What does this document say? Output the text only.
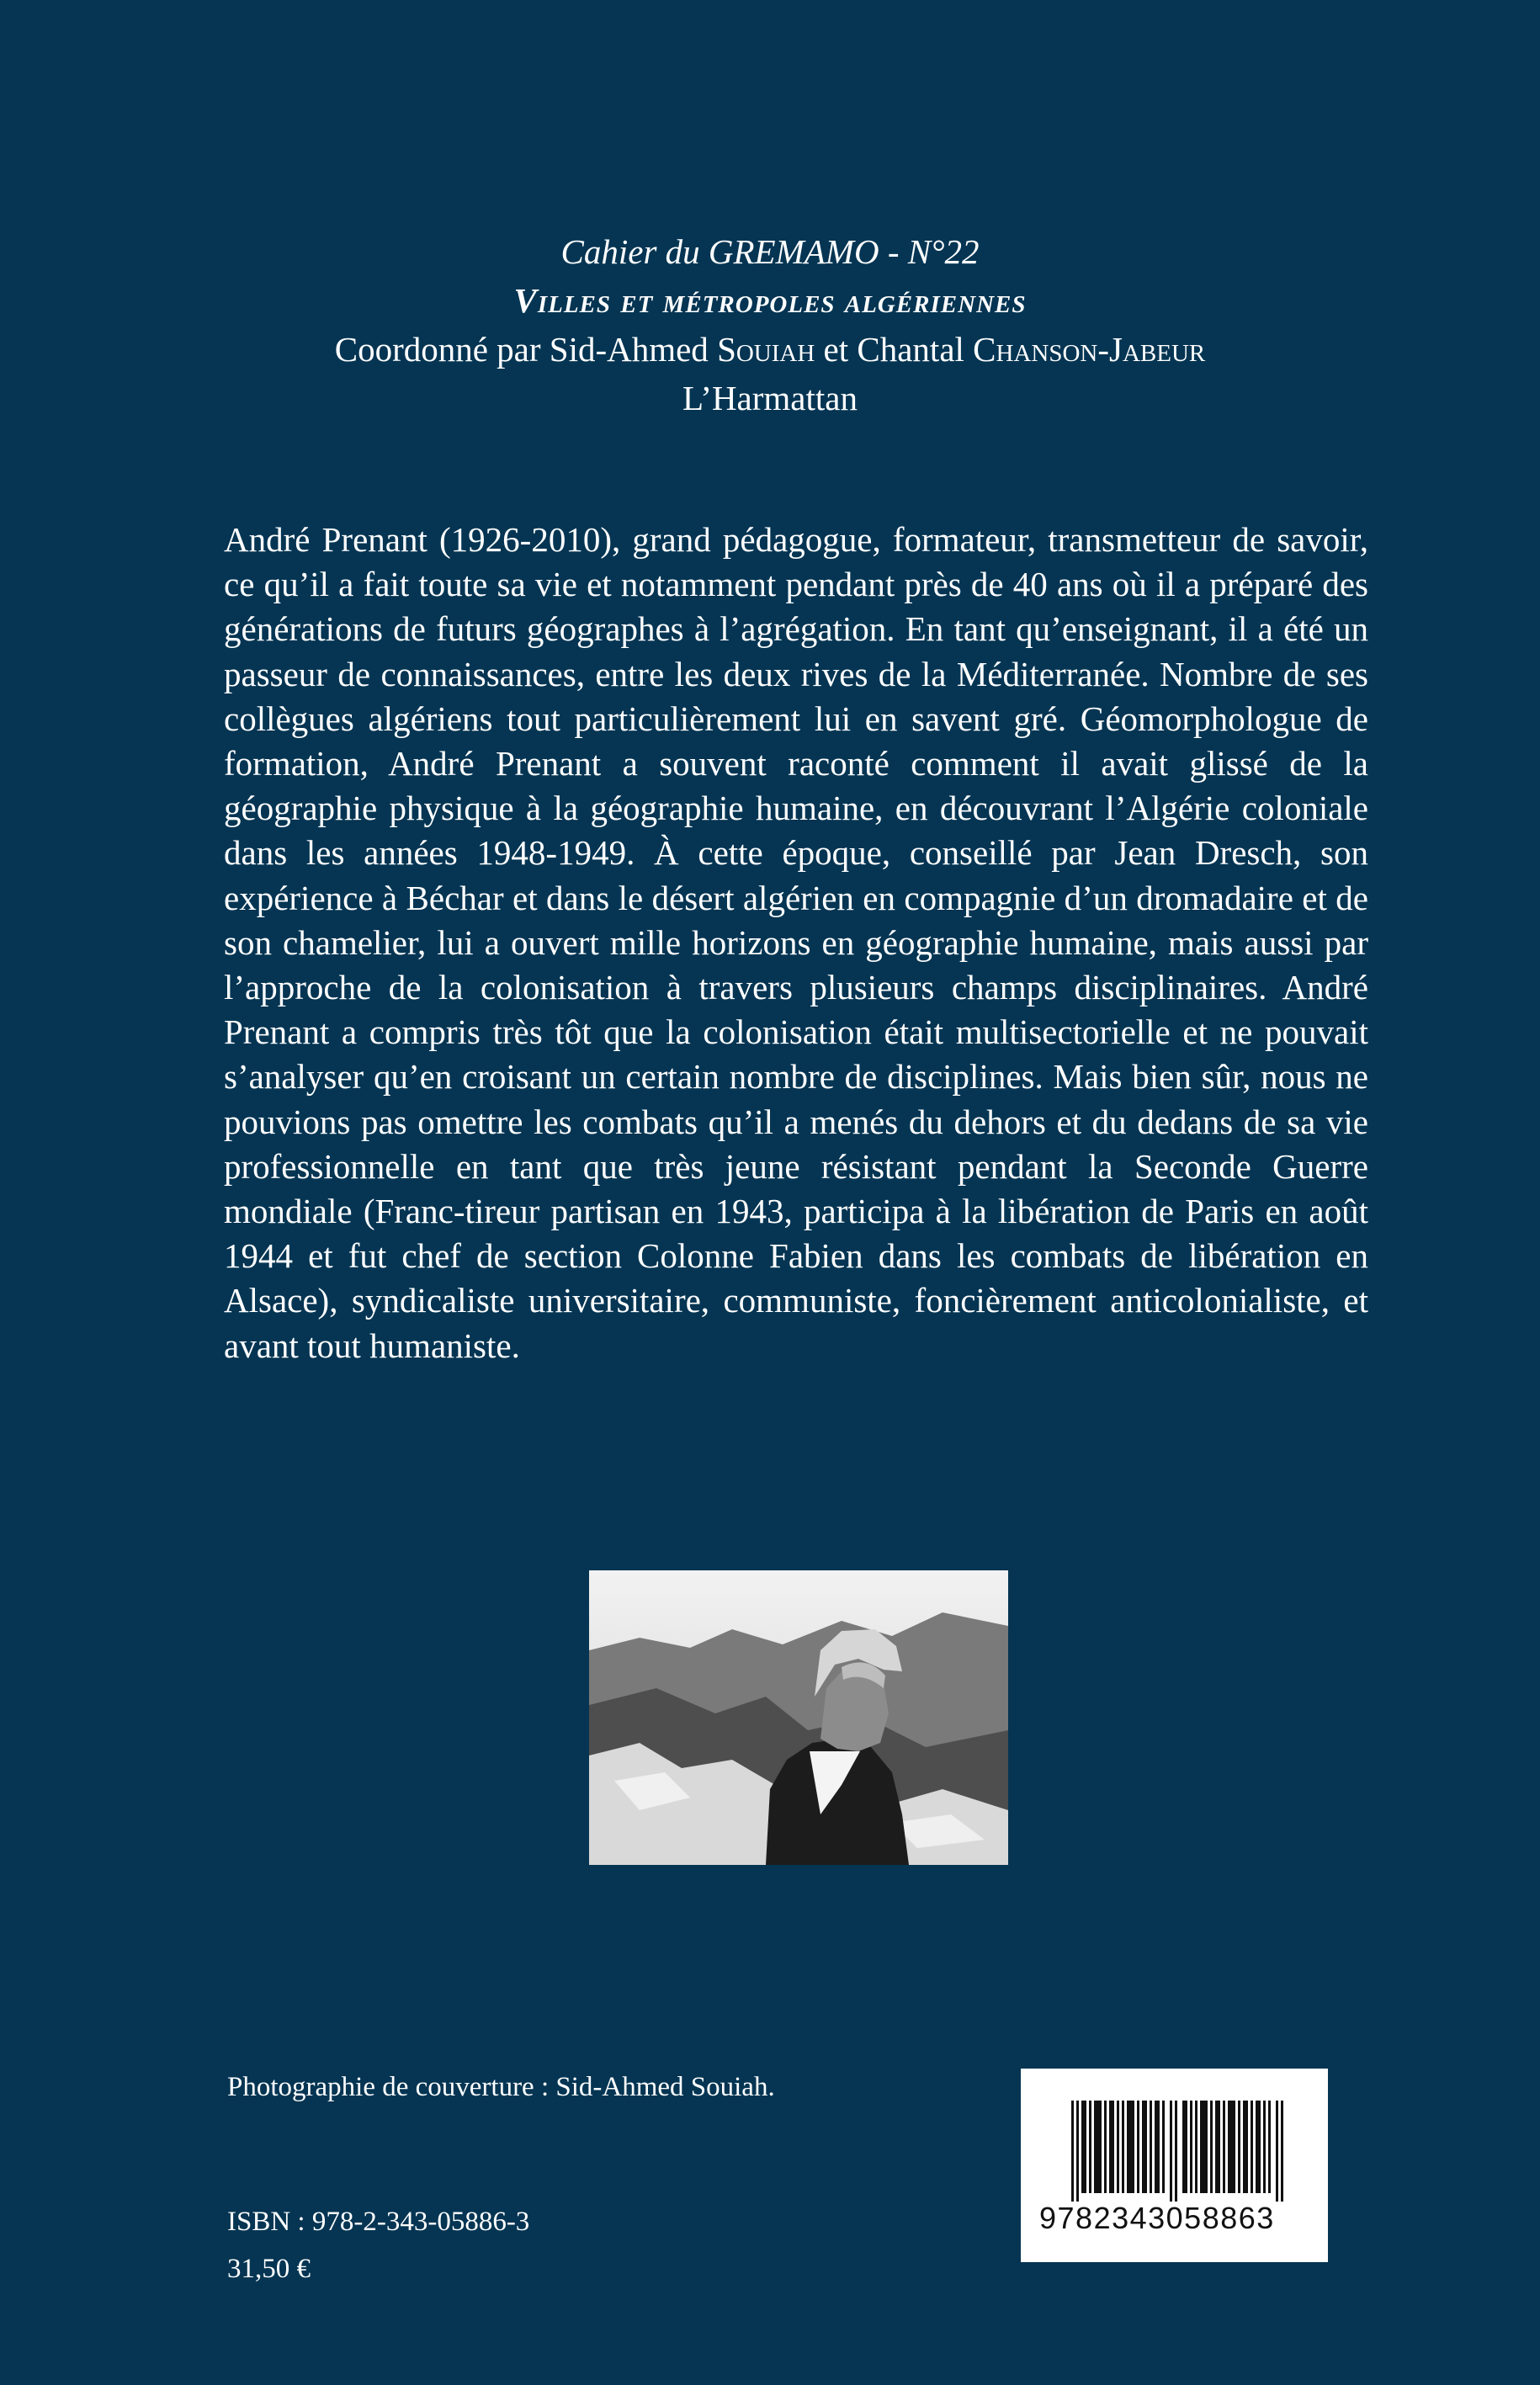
Cahier du GREMAMO - N°22

Villes et métropoles algériennes

Coordonné par Sid-Ahmed Souiah et Chantal Chanson-Jabeur

L’Harmattan

André Prenant (1926-2010), grand pédagogue, formateur, transmetteur de savoir, ce qu’il a fait toute sa vie et notamment pendant près de 40 ans où il a préparé des générations de futurs géographes à l’agrégation. En tant qu’enseignant, il a été un passeur de connaissances, entre les deux rives de la Méditerranée. Nombre de ses collègues algériens tout particulièrement lui en savent gré. Géomorphologue de formation, André Prenant a souvent raconté comment il avait glissé de la géographie physique à la géographie humaine, en découvrant l’Algérie coloniale dans les années 1948-1949. À cette époque, conseillé par Jean Dresch, son expérience à Béchar et dans le désert algérien en compagnie d’un dromadaire et de son chamelier, lui a ouvert mille horizons en géographie humaine, mais aussi par l’approche de la colonisation à travers plusieurs champs disciplinaires. André Prenant a compris très tôt que la colonisation était multisectorielle et ne pouvait s’analyser qu’en croisant un certain nombre de disciplines. Mais bien sûr, nous ne pouvions pas omettre les combats qu’il a menés du dehors et du dedans de sa vie professionnelle en tant que très jeune résistant pendant la Seconde Guerre mondiale (Franc-tireur partisan en 1943, participa à la libération de Paris en août 1944 et fut chef de section Colonne Fabien dans les combats de libération en Alsace), syndicaliste universitaire, communiste, foncièrement anticolonialiste, et avant tout humaniste.

Photographie de couverture : Sid-Ahmed Souiah.

ISBN : 978-2-343-05886-3

31,50 €

9782343058863
